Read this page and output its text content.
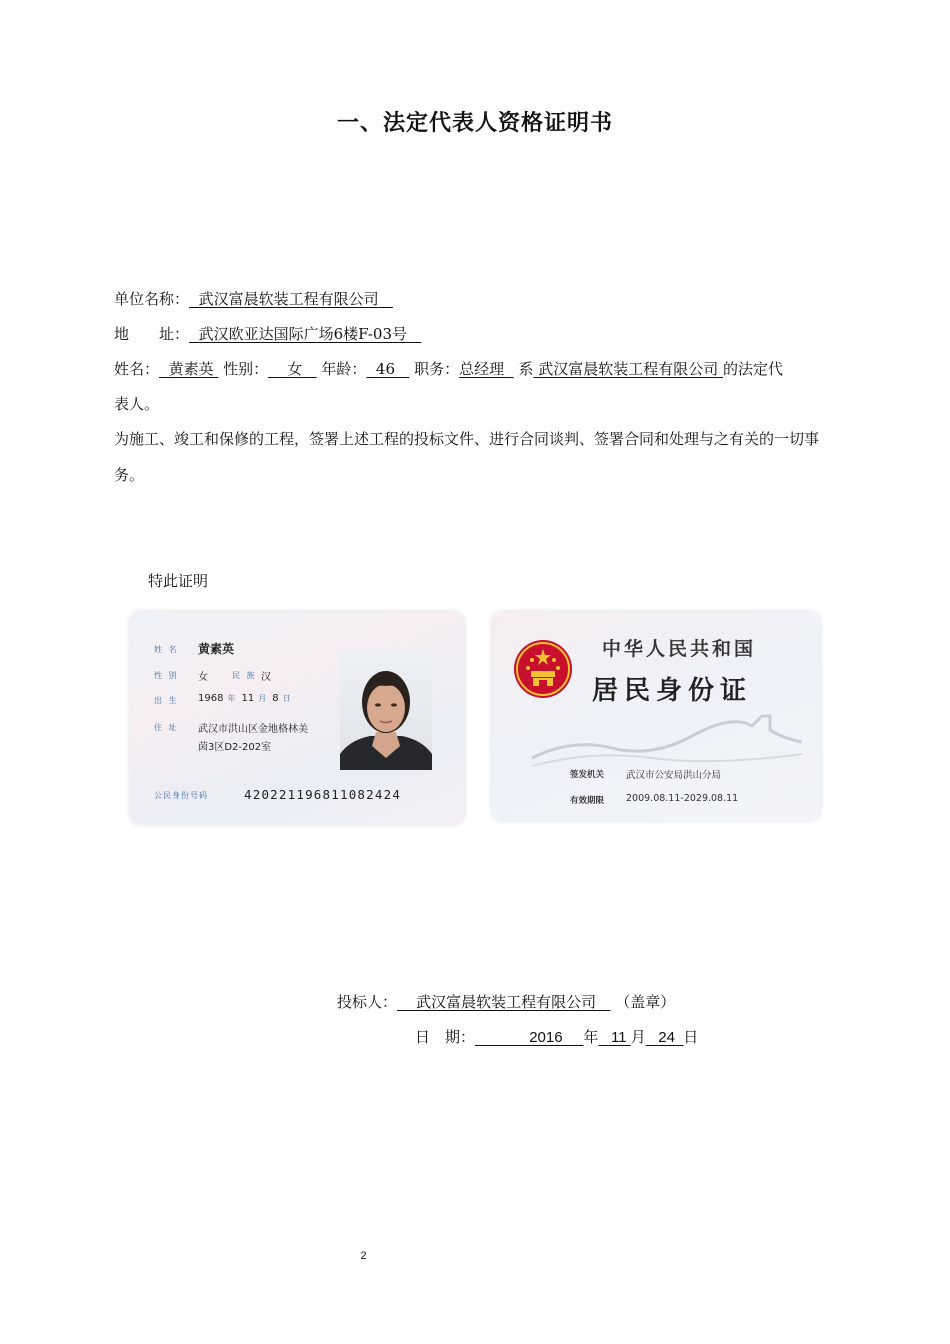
一、法定代表人资格证明书
单位名称： 武汉富晨软装工程有限公司
地　　址： 武汉欧亚达国际广场6楼F-03号
姓名： 黄素英 性别： 女 年龄： 46 职务：总经理 系 武汉富晨软装工程有限公司 的法定代
表人。
为施工、竣工和保修的工程，签署上述工程的投标文件、进行合同谈判、签署合同和处理与之有关的一切事务。
特此证明
姓 名 黄素英
性 别 女	民 族 汉
出 生 1968 年 11 月 8 日
住 址 武汉市洪山区金地格林美
茵3区D2-202室
公民身份号码	420221196811082424
中华人民共和国
居民身份证
签发机关 武汉市公安局洪山分局
有效期限 2009.08.11-2029.08.11
投标人： 武汉富晨软装工程有限公司 （盖章）
日　期：	2016 年 11 月 24 日
2
